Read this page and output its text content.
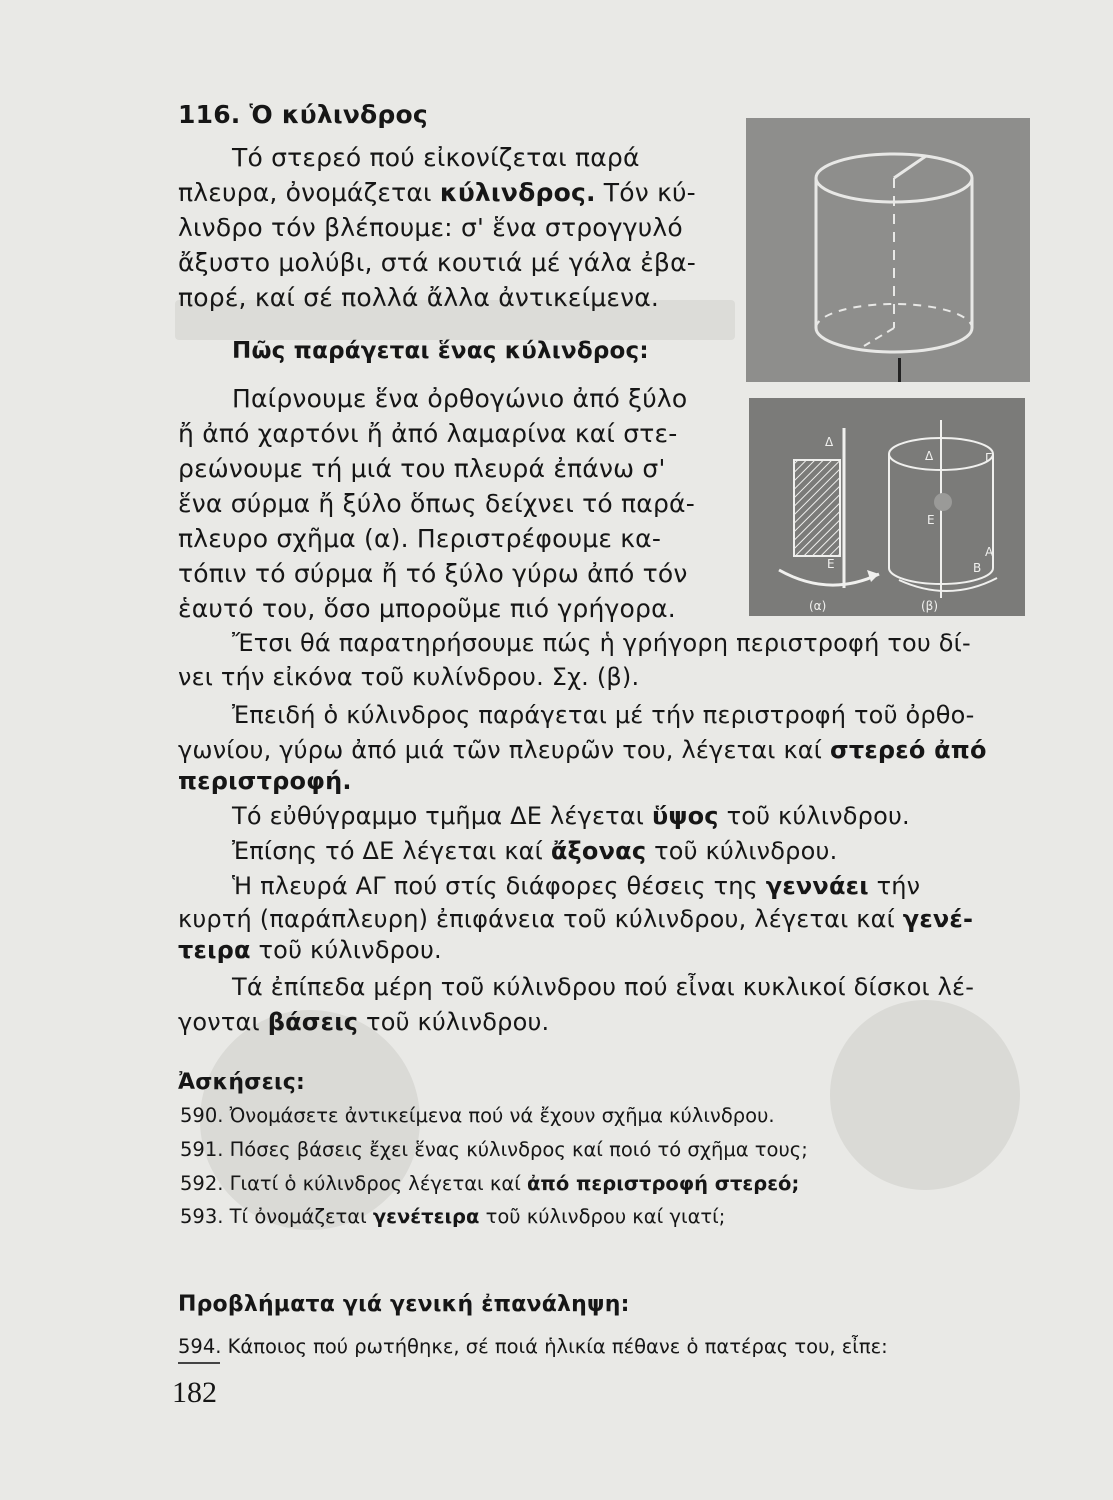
116. Ὁ κύλινδρος
Τό στερεό πού εἰκονίζεται παρά
πλευρα, ὀνομάζεται κύλινδρος. Τόν κύ-
λινδρο τόν βλέπουμε: σ' ἕνα στρογγυλό
ἄξυστο μολύβι, στά κουτιά μέ γάλα ἐβα-
πορέ, καί σέ πολλά ἄλλα ἀντικείμενα.
Πῶς παράγεται ἕνας κύλινδρος:
Παίρνουμε ἕνα ὀρθογώνιο ἀπό ξύλο
ἤ ἀπό χαρτόνι ἤ ἀπό λαμαρίνα καί στε-
ρεώνουμε τή μιά του πλευρά ἐπάνω σ'
ἕνα σύρμα ἤ ξύλο ὅπως δείχνει τό παρά-
πλευρο σχῆμα (α). Περιστρέφουμε κα-
τόπιν τό σύρμα ἤ τό ξύλο γύρω ἀπό τόν
ἑαυτό του, ὅσο μποροῦμε πιό γρήγορα.
Δ
Ε
Δ	Γ
Ε
Α
Β
(α)	(β)
Ἔτσι θά παρατηρήσουμε πώς ἡ γρήγορη περιστροφή του δί-
νει τήν εἰκόνα τοῦ κυλίνδρου. Σχ. (β).
Ἐπειδή ὁ κύλινδρος παράγεται μέ τήν περιστροφή τοῦ ὀρθο-
γωνίου, γύρω ἀπό μιά τῶν πλευρῶν του, λέγεται καί στερεό ἀπό
περιστροφή.
Τό εὐθύγραμμο τμῆμα ΔΕ λέγεται ὕψος τοῦ κύλινδρου.
Ἐπίσης τό ΔΕ λέγεται καί ἄξονας τοῦ κύλινδρου.
Ἡ πλευρά ΑΓ πού στίς διάφορες θέσεις της γεννάει τήν
κυρτή (παράπλευρη) ἐπιφάνεια τοῦ κύλινδρου, λέγεται καί γενέ-
τειρα τοῦ κύλινδρου.
Τά ἐπίπεδα μέρη τοῦ κύλινδρου πού εἶναι κυκλικοί δίσκοι λέ-
γονται βάσεις τοῦ κύλινδρου.
Ἀσκήσεις:
590. Ὀνομάσετε ἀντικείμενα πού νά ἔχουν σχῆμα κύλινδρου.
591. Πόσες βάσεις ἔχει ἕνας κύλινδρος καί ποιό τό σχῆμα τους;
592. Γιατί ὁ κύλινδρος λέγεται καί ἀπό περιστροφή στερεό;
593. Τί ὀνομάζεται γενέτειρα τοῦ κύλινδρου καί γιατί;
Προβλήματα γιά γενική ἐπανάληψη:
594. Κάποιος πού ρωτήθηκε, σέ ποιά ἡλικία πέθανε ὁ πατέρας του, εἶπε:
182
